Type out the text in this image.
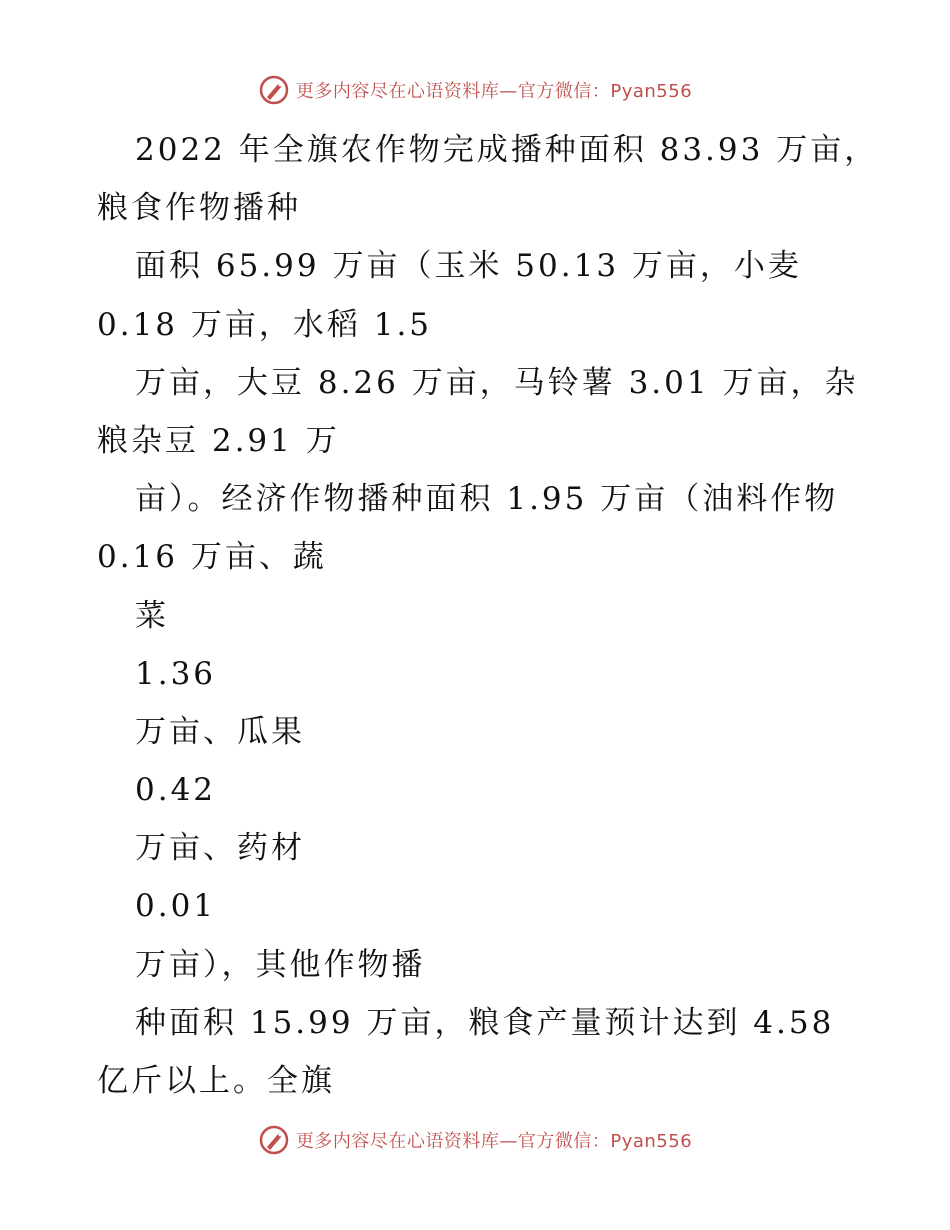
更多内容尽在心语资料库—官方微信：Pyan556
2022 年全旗农作物完成播种面积 83.93 万亩，
粮食作物播种
面积 65.99 万亩（玉米 50.13 万亩，小麦
0.18 万亩，水稻 1.5
万亩，大豆 8.26 万亩，马铃薯 3.01 万亩，杂
粮杂豆 2.91 万
亩）。经济作物播种面积 1.95 万亩（油料作物
0.16 万亩、蔬
菜
1.36
万亩、瓜果
0.42
万亩、药材
0.01
万亩），其他作物播
种面积 15.99 万亩，粮食产量预计达到 4.58
亿斤以上。全旗
更多内容尽在心语资料库—官方微信：Pyan556
